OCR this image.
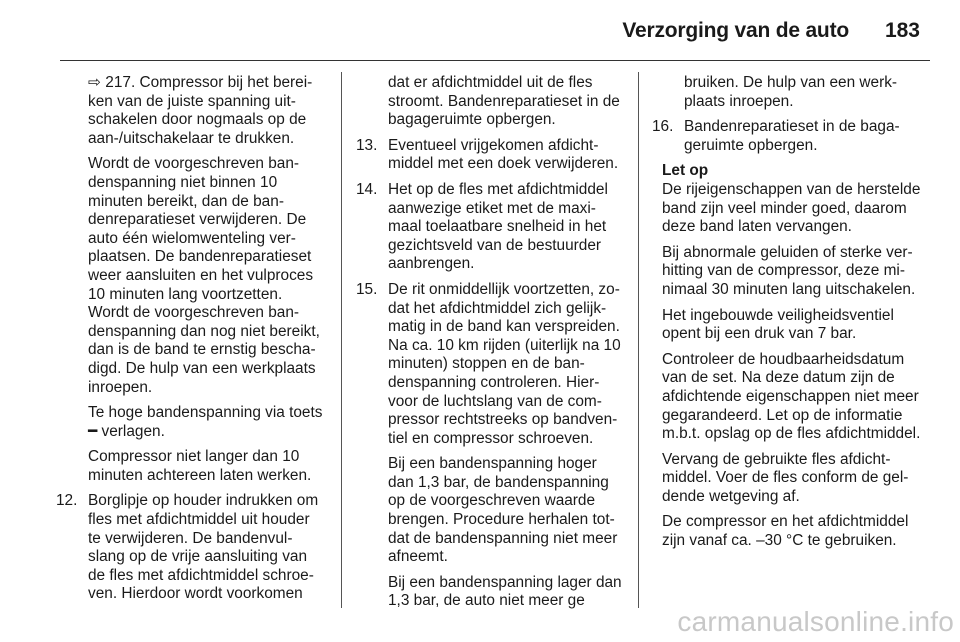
Verzorging van de auto 183

⇨ 217. Compressor bij het bereiken van de juiste spanning uitschakelen door nogmaals op de aan-/uitschakelaar te drukken.

Wordt de voorgeschreven bandenspanning niet binnen 10 minuten bereikt, dan de bandenreparatieset verwijderen. De auto één wielomwenteling verplaatsen. De bandenreparatieset weer aansluiten en het vulproces 10 minuten lang voortzetten. Wordt de voorgeschreven bandenspanning dan nog niet bereikt, dan is de band te ernstig beschadigd. De hulp van een werkplaats inroepen.

Te hoge bandenspanning via toets ━ verlagen.

Compressor niet langer dan 10 minuten achtereen laten werken.

12. Borglipje op houder indrukken om fles met afdichtmiddel uit houder te verwijderen. De bandenvulslang op de vrije aansluiting van de fles met afdichtmiddel schroeven. Hierdoor wordt voorkomen

dat er afdichtmiddel uit de fles stroomt. Bandenreparatieset in de bagageruimte opbergen.

13. Eventueel vrijgekomen afdichtmiddel met een doek verwijderen.
14. Het op de fles met afdichtmiddel aanwezige etiket met de maximaal toelaatbare snelheid in het gezichtsveld van de bestuurder aanbrengen.
15. De rit onmiddellijk voortzetten, zodat het afdichtmiddel zich gelijkmatig in de band kan verspreiden. Na ca. 10 km rijden (uiterlijk na 10 minuten) stoppen en de bandenspanning controleren. Hiervoor de luchtslang van de compressor rechtstreeks op bandventiel en compressor schroeven.

Bij een bandenspanning hoger dan 1,3 bar, de bandenspanning op de voorgeschreven waarde brengen. Procedure herhalen totdat de bandenspanning niet meer afneemt.

Bij een bandenspanning lager dan 1,3 bar, de auto niet meer ge

bruiken. De hulp van een werkplaats inroepen.

16. Bandenreparatieset in de bagageruimte opbergen.

Let op

De rijeigenschappen van de herstelde band zijn veel minder goed, daarom deze band laten vervangen.

Bij abnormale geluiden of sterke verhitting van de compressor, deze minimaal 30 minuten lang uitschakelen.

Het ingebouwde veiligheidsventiel opent bij een druk van 7 bar.

Controleer de houdbaarheidsdatum van de set. Na deze datum zijn de afdichtende eigenschappen niet meer gegarandeerd. Let op de informatie m.b.t. opslag op de fles afdichtmiddel.

Vervang de gebruikte fles afdichtmiddel. Voer de fles conform de geldende wetgeving af.

De compressor en het afdichtmiddel zijn vanaf ca. –30 °C te gebruiken.

carmanualsonline.info
